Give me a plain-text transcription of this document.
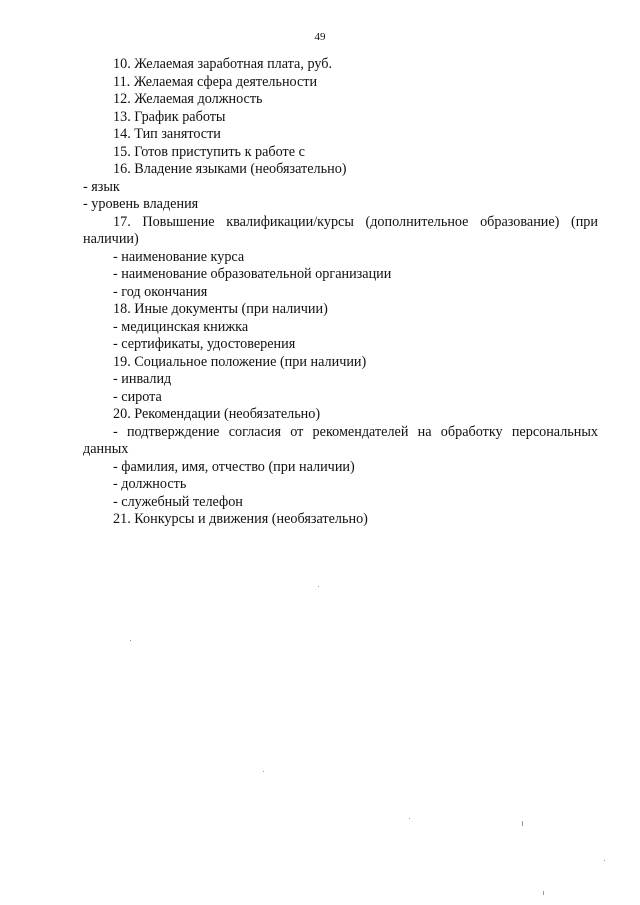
49

10. Желаемая заработная плата, руб.

11. Желаемая сфера деятельности

12. Желаемая должность

13. График работы

14. Тип занятости

15. Готов приступить к работе с

16. Владение языками (необязательно)

- язык

- уровень владения

17. Повышение квалификации/курсы (дополнительное образование) (при
наличии)

- наименование курса

- наименование образовательной организации

- год окончания

18. Иные документы (при наличии)

- медицинская книжка

- сертификаты, удостоверения

19. Социальное положение (при наличии)

- инвалид

- сирота

20. Рекомендации (необязательно)

- подтверждение согласия от рекомендателей на обработку персональных
данных

- фамилия, имя, отчество (при наличии)

- должность

- служебный телефон

21. Конкурсы и движения (необязательно)
